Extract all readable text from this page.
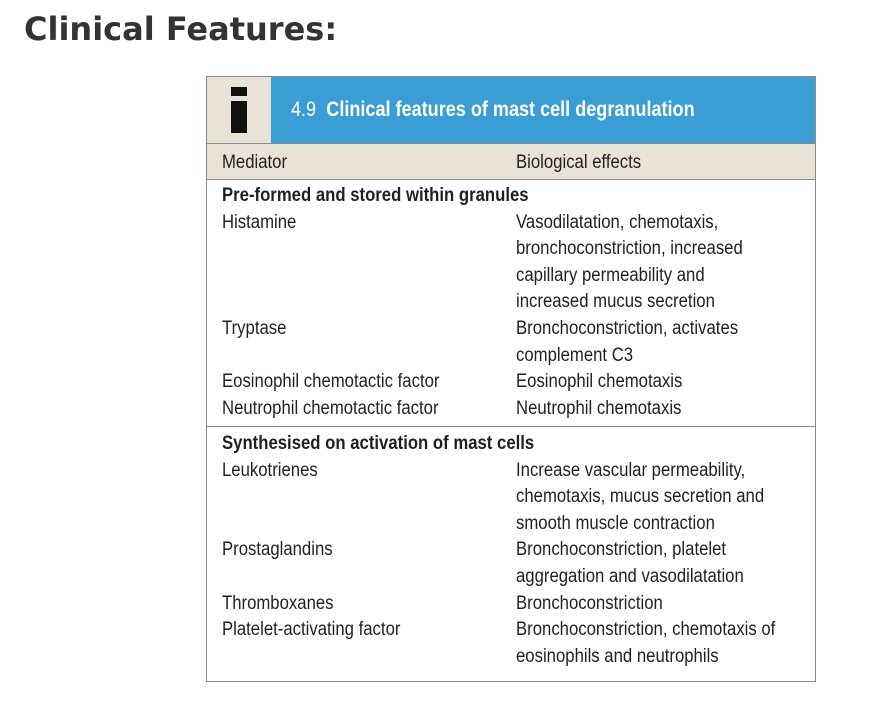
Clinical Features:
4.9 Clinical features of mast cell degranulation
Mediator	Biological effects
Pre-formed and stored within granules
Histamine	Vasodilatation, chemotaxis,
bronchoconstriction, increased
capillary permeability and
increased mucus secretion
Tryptase	Bronchoconstriction, activates
complement C3
Eosinophil chemotactic factor	Eosinophil chemotaxis
Neutrophil chemotactic factor	Neutrophil chemotaxis
Synthesised on activation of mast cells
Leukotrienes	Increase vascular permeability,
chemotaxis, mucus secretion and
smooth muscle contraction
Prostaglandins	Bronchoconstriction, platelet
aggregation and vasodilatation
Thromboxanes	Bronchoconstriction
Platelet-activating factor	Bronchoconstriction, chemotaxis of
eosinophils and neutrophils
